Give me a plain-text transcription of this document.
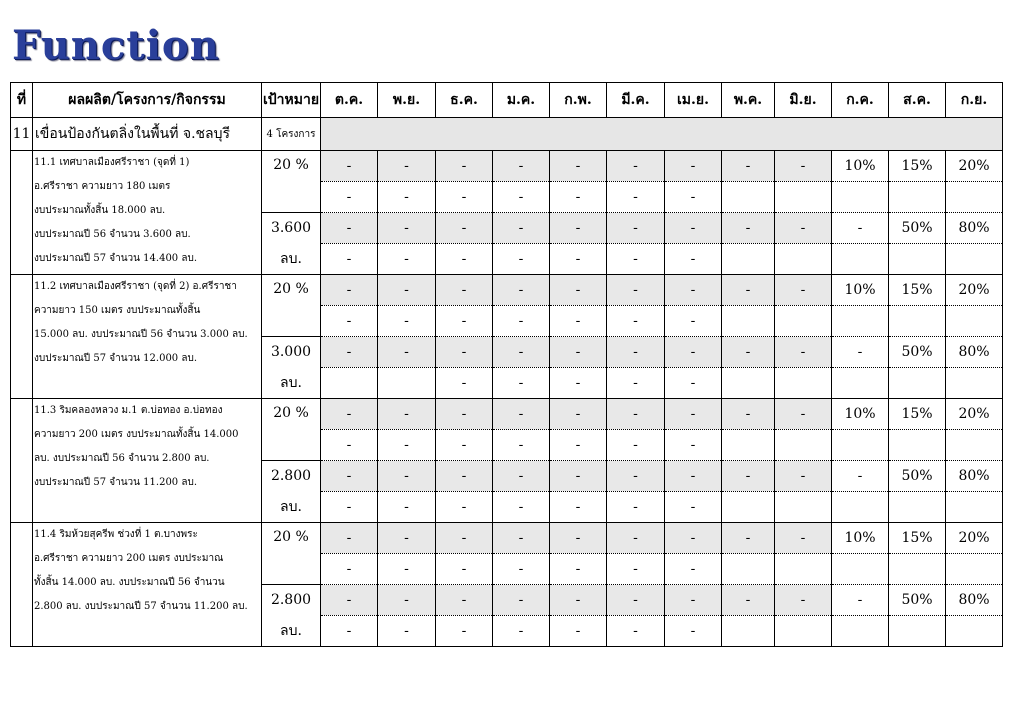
Function
ที่	ผลผลิต/โครงการ/กิจกรรม	เป้าหมาย	ต.ค.	พ.ย.	ธ.ค.	ม.ค.	ก.พ.	มี.ค.	เม.ย.	พ.ค.	มิ.ย.	ก.ค.	ส.ค.	ก.ย.
11	เขื่อนป้องกันตลิ่งในพื้นที่ จ.ชลบุรี	4 โครงการ												

	11.1 เทศบาลเมืองศรีราชา (จุดที่ 1)
อ.ศรีราชา ความยาว 180 เมตร
งบประมาณทั้งสิ้น 18.000 ลบ.
งบประมาณปี 56 จำนวน 3.600 ลบ.
งบประมาณปี 57 จำนวน 14.400 ลบ.	20 %	-	-	-	-	-	-	-	-	-	10%	15%	20%
			-	-	-	-	-	-	-					
		3.600	-	-	-	-	-	-	-	-	-	-	50%	80%
		ลบ.	-	-	-	-	-	-	-					

	11.2 เทศบาลเมืองศรีราชา (จุดที่ 2) อ.ศรีราชา
ความยาว 150 เมตร งบประมาณทั้งสิ้น
15.000 ลบ. งบประมาณปี 56 จำนวน 3.000 ลบ.
งบประมาณปี 57 จำนวน 12.000 ลบ.	20 %	-	-	-	-	-	-	-	-	-	10%	15%	20%
			-	-	-	-	-	-	-					
		3.000	-	-	-	-	-	-	-	-	-	-	50%	80%
		ลบ.			-	-	-	-	-					

	11.3 ริมคลองหลวง ม.1 ต.บ่อทอง อ.บ่อทอง
ความยาว 200 เมตร งบประมาณทั้งสิ้น 14.000
ลบ. งบประมาณปี 56 จำนวน 2.800 ลบ.
งบประมาณปี 57 จำนวน 11.200 ลบ.	20 %	-	-	-	-	-	-	-	-	-	10%	15%	20%
			-	-	-	-	-	-	-					
		2.800	-	-	-	-	-	-	-	-	-	-	50%	80%
		ลบ.	-	-	-	-	-	-	-					

	11.4 ริมห้วยสุครีพ ช่วงที่ 1 ต.บางพระ
อ.ศรีราชา ความยาว 200 เมตร งบประมาณ
ทั้งสิ้น 14.000 ลบ. งบประมาณปี 56 จำนวน
2.800 ลบ. งบประมาณปี 57 จำนวน 11.200 ลบ.	20 %	-	-	-	-	-	-	-	-	-	10%	15%	20%
			-	-	-	-	-	-	-					
		2.800	-	-	-	-	-	-	-	-	-	-	50%	80%
		ลบ.	-	-	-	-	-	-	-					
